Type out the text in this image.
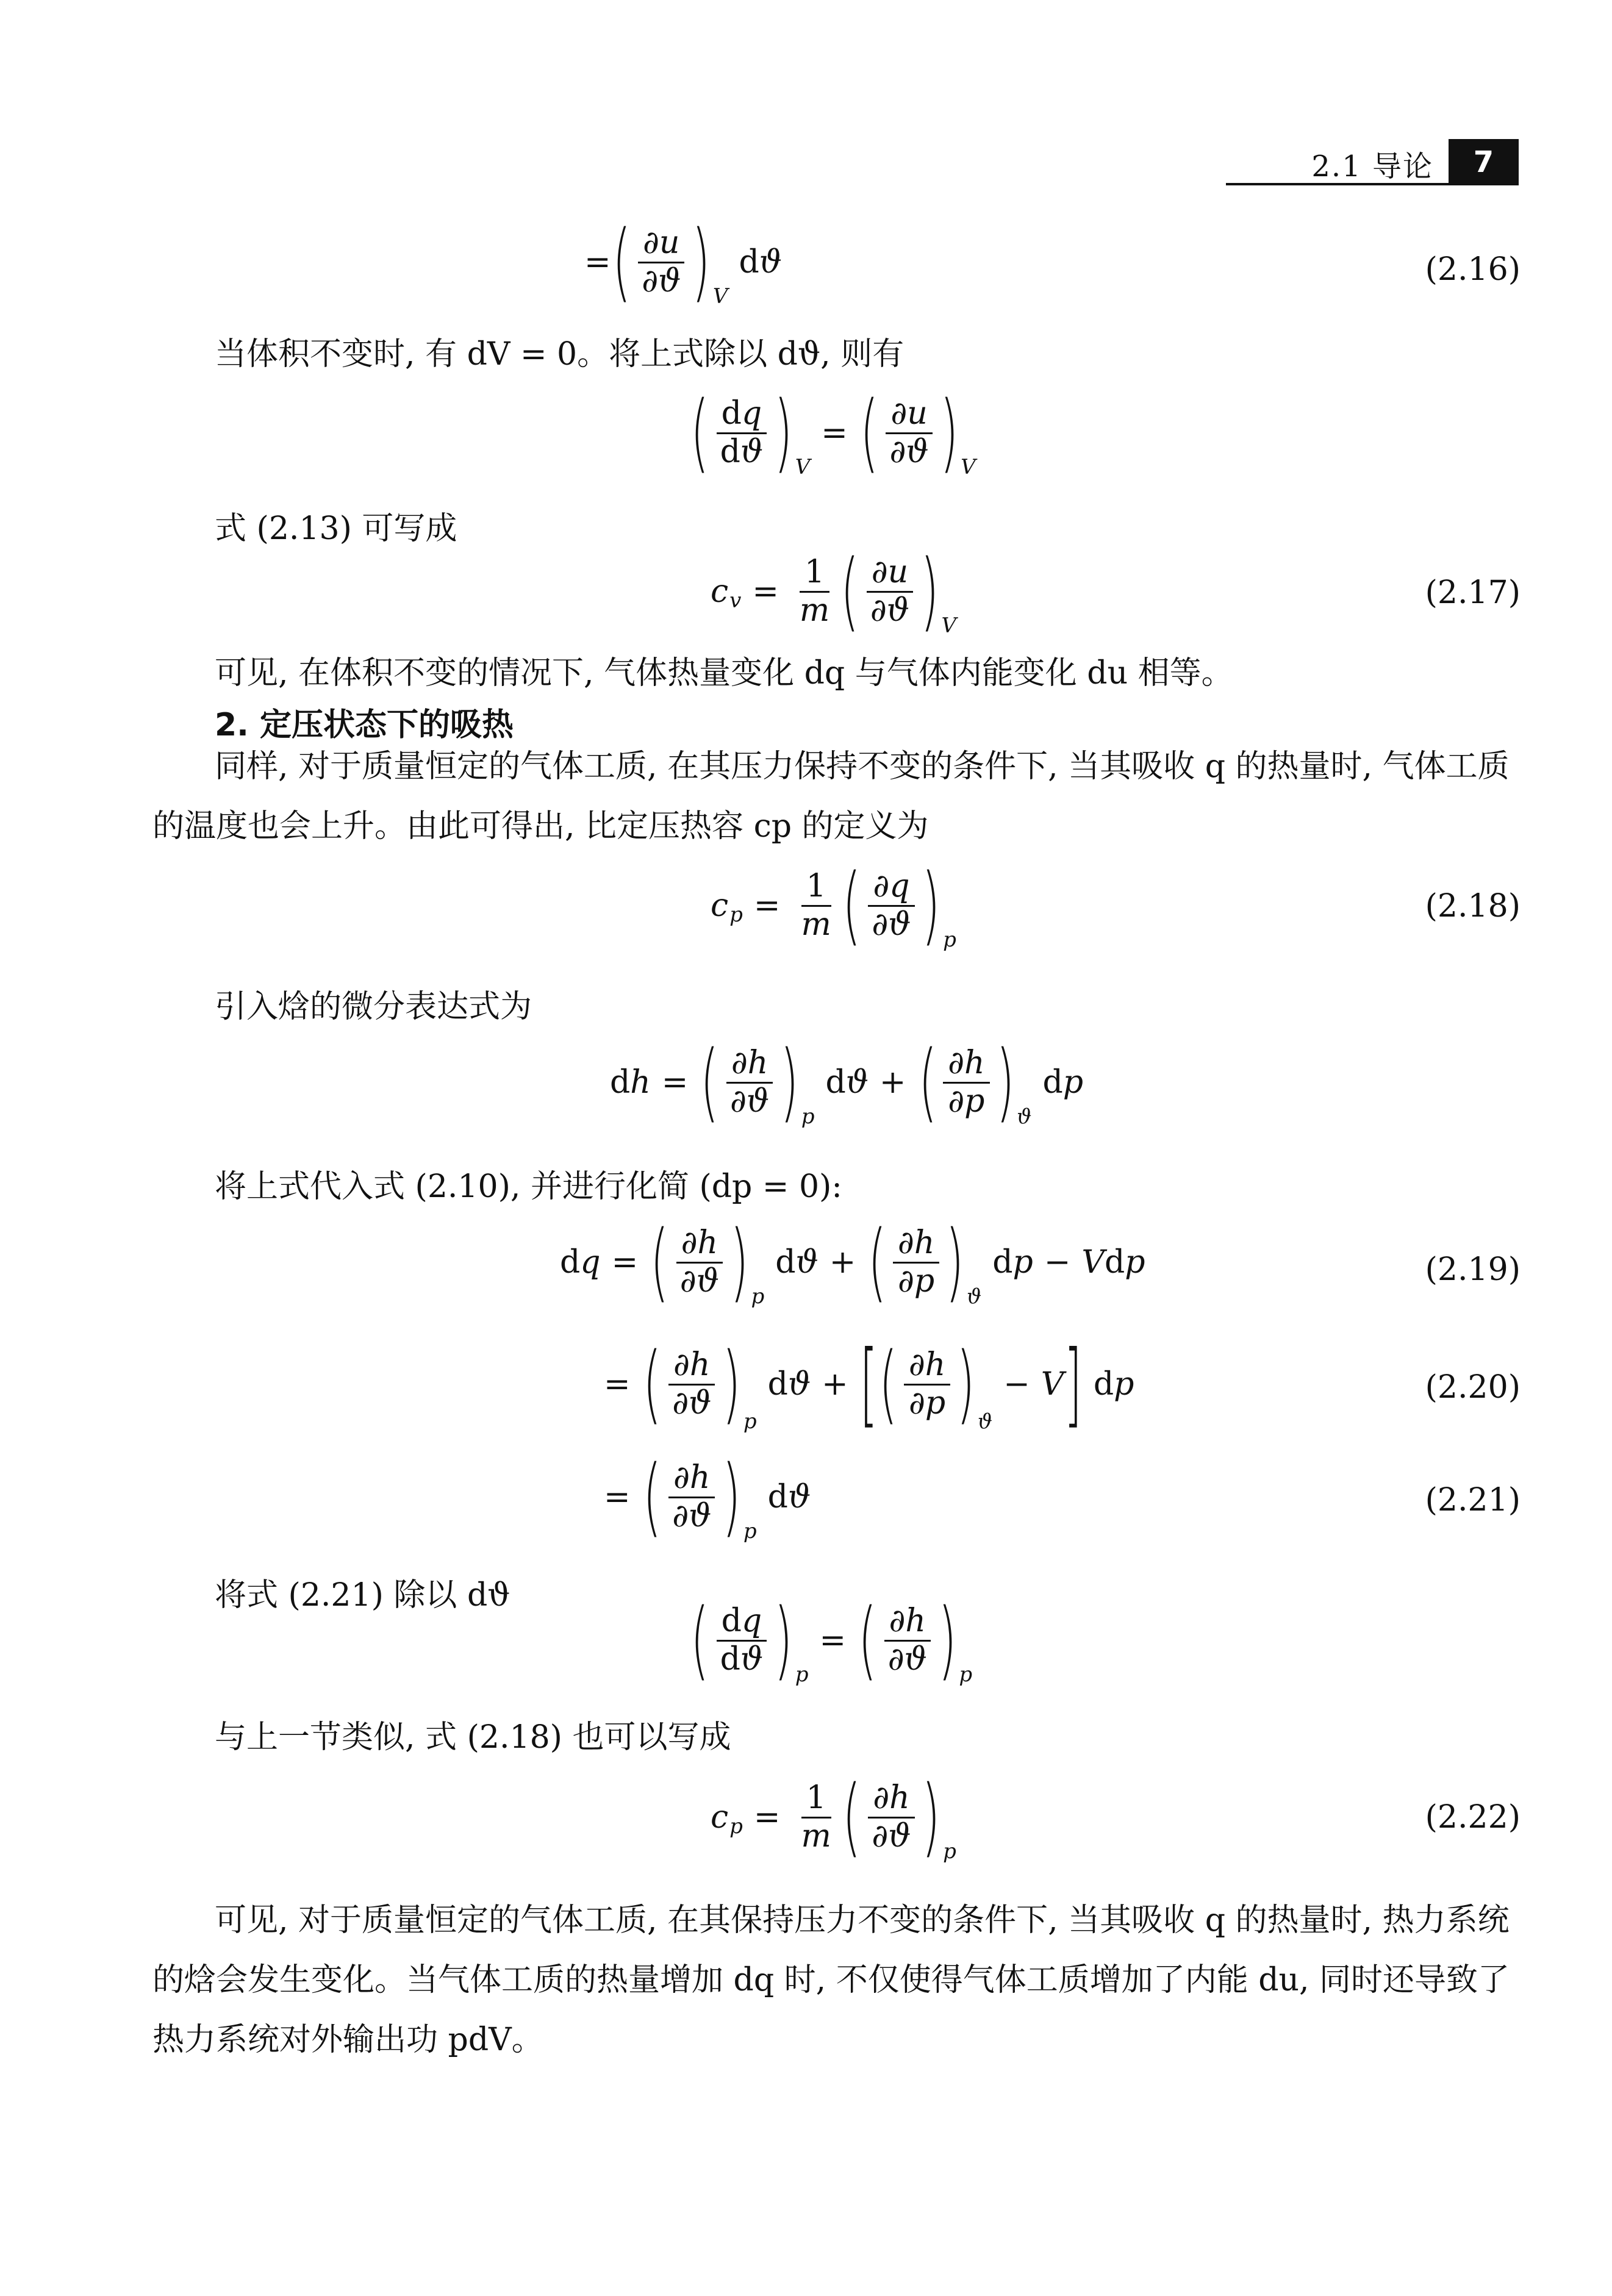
2.1 导论	7
= ( $\frac{\partial u}{\partial ϑ}$ ) V
d ϑ	(2.16)
当体积不变时, 有 dV = 0。将上式除以 dϑ, 则有
( $\frac{dq}{dϑ}$ ) V
= ( $\frac{\partial u}{\partial ϑ}$ ) V
式 (2.13) 可写成
c $v = \frac{1}{m}$ ( $\frac{\partial u}{\partial ϑ}$ ) V
(2.17)
可见, 在体积不变的情况下, 气体热量变化 dq 与气体内能变化 du 相等。
2. 定压状态下的吸热
同样, 对于质量恒定的气体工质, 在其压力保持不变的条件下, 当其吸收 q 的热量时, 气体工质的温度也会上升。由此可得出, 比定压热容 cp 的定义为
c $p = \frac{1}{m}$ ( $\frac{\partial q}{\partial ϑ}$ ) p
(2.18)
引入焓的微分表达式为
d h = ( $\frac{\partial h}{\partial ϑ}$ ) p
d ϑ + ( $\frac{\partial h}{\partial p}$ ) ϑ
d p
将上式代入式 (2.10), 并进行化简 (dp = 0):
d q = ( $\frac{\partial h}{\partial ϑ}$ ) p
d ϑ + ( $\frac{\partial h}{\partial p}$ ) ϑ
d p − V d p	(2.19)
= ( $\frac{\partial h}{\partial ϑ}$ ) p
d ϑ + [ ( $\frac{\partial h}{\partial p}$ ) ϑ
− V ] d p	(2.20)
= ( $\frac{\partial h}{\partial ϑ}$ ) p
d ϑ	(2.21)
将式 (2.21) 除以 dϑ ( $\frac{dq}{dϑ}$ ) p
= ( $\frac{\partial h}{\partial ϑ}$ ) p
与上一节类似, 式 (2.18) 也可以写成
c $p = \frac{1}{m}$ ( $\frac{\partial h}{\partial ϑ}$ ) p
(2.22)
可见, 对于质量恒定的气体工质, 在其保持压力不变的条件下, 当其吸收 q 的热量时, 热力系统的焓会发生变化。当气体工质的热量增加 dq 时, 不仅使得气体工质增加了内能 du, 同时还导致了热力系统对外输出功 pdV。
